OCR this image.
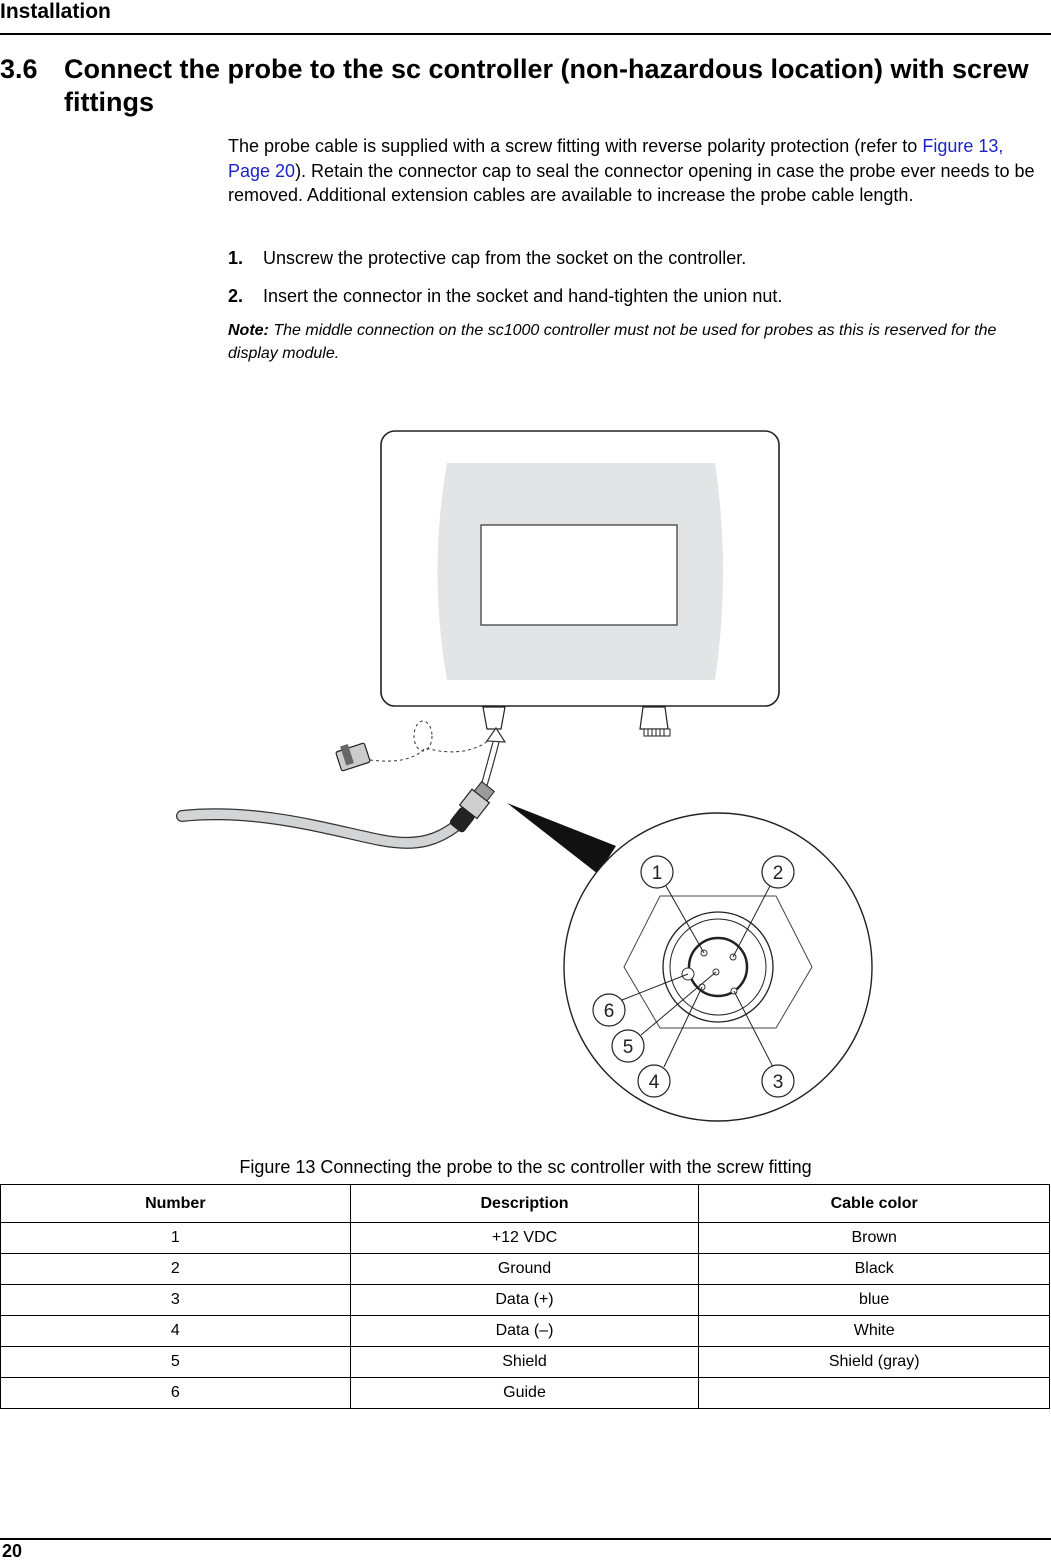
Installation
3.6 Connect the probe to the sc controller (non-hazardous location) with screw fittings
The probe cable is supplied with a screw fitting with reverse polarity protection (refer to Figure 13, Page 20). Retain the connector cap to seal the connector opening in case the probe ever needs to be removed. Additional extension cables are available to increase the probe cable length.
1. Unscrew the protective cap from the socket on the controller.
2. Insert the connector in the socket and hand-tighten the union nut.
Note: The middle connection on the sc1000 controller must not be used for probes as this is reserved for the display module.
1	2
3
4
5
6
Figure 13 Connecting the probe to the sc controller with the screw fitting
Number	Description	Cable color
1	+12 VDC	Brown
2	Ground	Black
3	Data (+)	blue
4	Data (–)	White
5	Shield	Shield (gray)
6	Guide	
20
